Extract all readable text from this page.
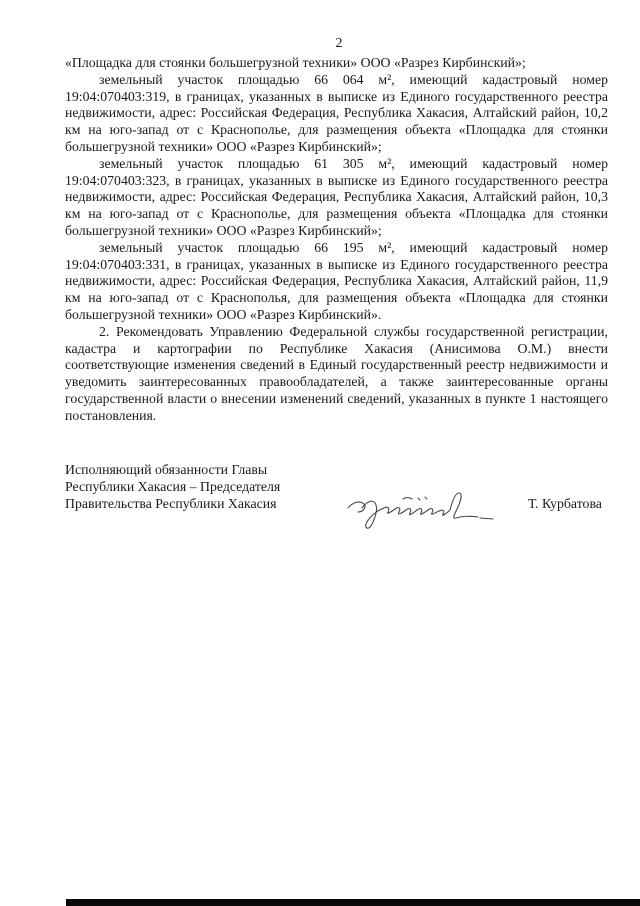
2

«Площадка для стоянки большегрузной техники» ООО «Разрез Кирбинский»;

земельный участок площадью 66 064 м², имеющий кадастровый номер 19:04:070403:319, в границах, указанных в выписке из Единого государственного реестра недвижимости, адрес: Российская Федерация, Республика Хакасия, Алтайский район, 10,2 км на юго-запад от с Краснополье, для размещения объекта «Площадка для стоянки большегрузной техники» ООО «Разрез Кирбинский»;

земельный участок площадью 61 305 м², имеющий кадастровый номер 19:04:070403:323, в границах, указанных в выписке из Единого государственного реестра недвижимости, адрес: Российская Федерация, Республика Хакасия, Алтайский район, 10,3 км на юго-запад от с Краснополье, для размещения объекта «Площадка для стоянки большегрузной техники» ООО «Разрез Кирбинский»;

земельный участок площадью 66 195 м², имеющий кадастровый номер 19:04:070403:331, в границах, указанных в выписке из Единого государственного реестра недвижимости, адрес: Российская Федерация, Республика Хакасия, Алтайский район, 11,9 км на юго-запад от с Краснополья, для размещения объекта «Площадка для стоянки большегрузной техники» ООО «Разрез Кирбинский».

2. Рекомендовать Управлению Федеральной службы государственной регистрации, кадастра и картографии по Республике Хакасия (Анисимова О.М.) внести соответствующие изменения сведений в Единый государственный реестр недвижимости и уведомить заинтересованных правообладателей, а также заинтересованные органы государственной власти о внесении изменений сведений, указанных в пункте 1 настоящего постановления.

Исполняющий обязанности Главы
Республики Хакасия – Председателя
Правительства Республики Хакасия	Т. Курбатова
